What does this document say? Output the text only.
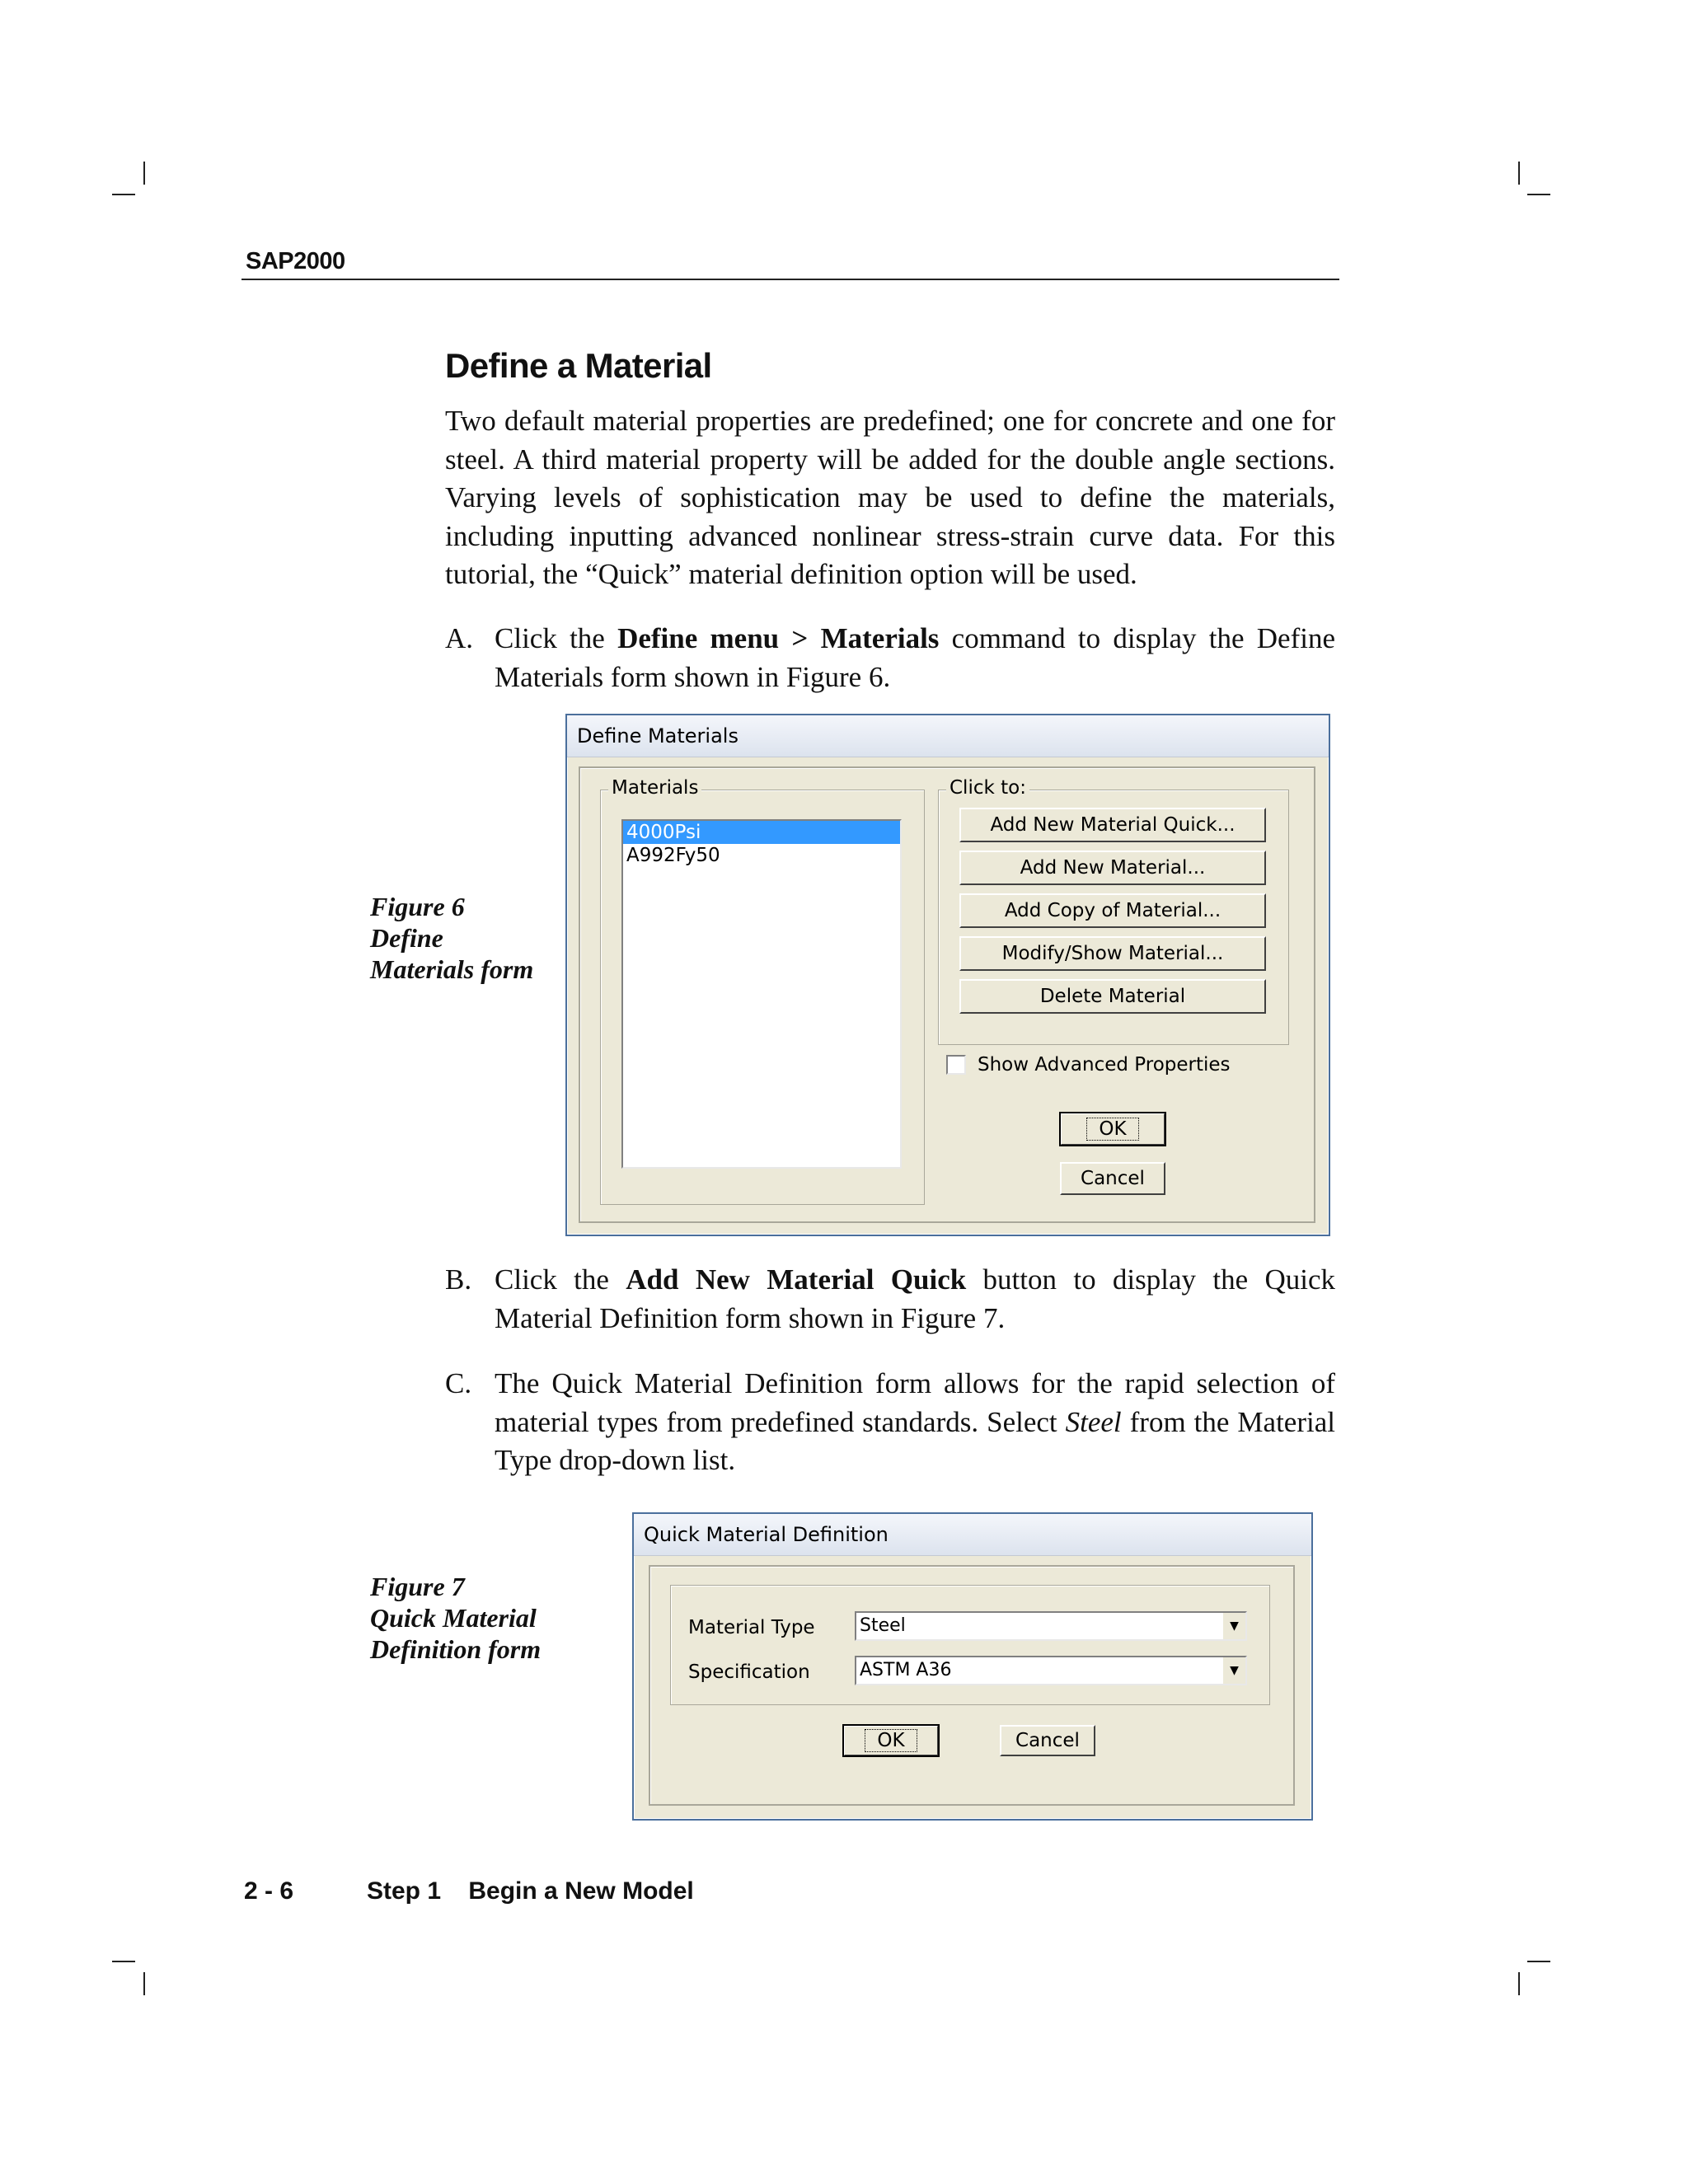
SAP2000
Define a Material

Two default material properties are predefined; one for concrete and one for steel. A third material property will be added for the double angle sections. Varying levels of sophistication may be used to define the materials, including inputting advanced nonlinear stress-strain curve data. For this tutorial, the “Quick” material definition option will be used.

A. Click the Define menu > Materials command to display the Define Materials form shown in Figure 6.
Figure 6
Define
Materials form
Define Materials
Materials
4000Psi
A992Fy50
Click to:
Add New Material Quick...
Add New Material...
Add Copy of Material...
Modify/Show Material...
Delete Material
Show Advanced Properties
OK
Cancel
B. Click the Add New Material Quick button to display the Quick Material Definition form shown in Figure 7.
C. The Quick Material Definition form allows for the rapid selection of material types from predefined standards. Select Steel from the Material Type drop-down list.
Figure 7
Quick Material
Definition form
Quick Material Definition
Material Type Steel	▼
Specification	ASTM A36	▼
OK	Cancel
2 - 6	Step 1 Begin a New Model
